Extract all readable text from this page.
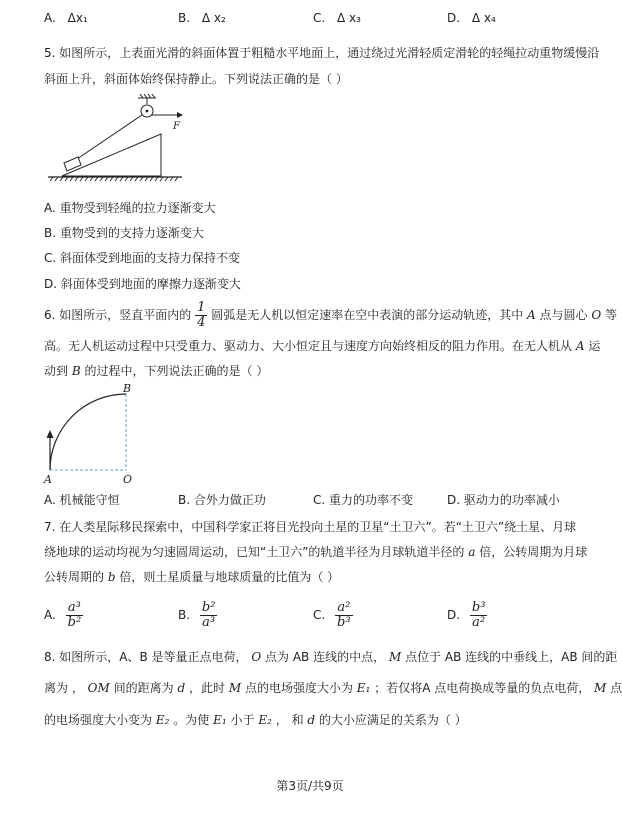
A. Δx₁	B. Δ x₂	C. Δ x₃	D. Δ x₄
5. 如图所示，上表面光滑的斜面体置于粗糙水平地面上，通过绕过光滑轻质定滑轮的轻绳拉动重物缓慢沿
斜面上升，斜面体始终保持静止。下列说法正确的是（ ）
F
A. 重物受到轻绳的拉力逐渐变大
B. 重物受到的支持力逐渐变大
C. 斜面体受到地面的支持力保持不变
D. 斜面体受到地面的摩擦力逐渐变大
6. 如图所示，竖直平面内的 $\frac{1}{4}$ 圆弧是无人机以恒定速率在空中表演的部分运动轨迹，其中 A 点与圆心 O 等
高。无人机运动过程中只受重力、驱动力、大小恒定且与速度方向始终相反的阻力作用。在无人机从 A 运
动到 B 的过程中，下列说法正确的是（ ）
A
B
O
A. 机械能守恒	B. 合外力做正功	C. 重力的功率不变	D. 驱动力的功率减小
7. 在人类星际移民探索中，中国科学家正将目光投向土星的卫星“土卫六”。若“土卫六”绕土星、月球
绕地球的运动均视为匀速圆周运动，已知“土卫六”的轨道半径为月球轨道半径的 a 倍，公转周期为月球
公转周期的 b 倍，则土星质量与地球质量的比值为（ ）
A. $\frac{\text{a³}}{\text{b²}}$	B. $\frac{\text{b²}}{\text{a³}}$	C. $\frac{\text{a²}}{\text{b³}}$	D. $\frac{\text{b³}}{\text{a²}}$
8. 如图所示，A、B 是等量正点电荷， O 点为 AB 连线的中点， M 点位于 AB 连线的中垂线上，AB 间的距
离为 ， OM 间的距离为 d ，此时 M 点的电场强度大小为 E₁ ；若仅将A 点电荷换成等量的负点电荷， M 点
的电场强度大小变为 E₂ 。为使 E₁ 小于 E₂ ， 和 d 的大小应满足的关系为（ ）
第3页/共9页
